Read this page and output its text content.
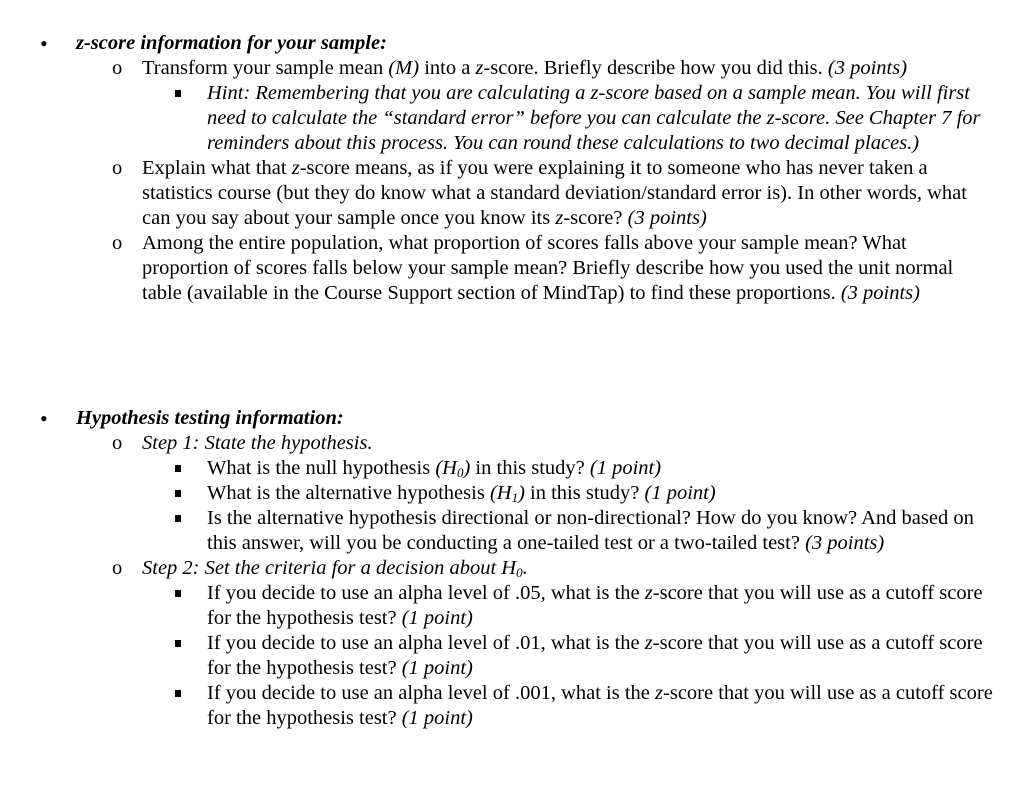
• z-score information for your sample:
o Transform your sample mean (M) into a z-score. Briefly describe how you did this. (3 points)
Hint: Remembering that you are calculating a z-score based on a sample mean. You will first need to calculate the “standard error” before you can calculate the z-score. See Chapter 7 for reminders about this process. You can round these calculations to two decimal places.)
o Explain what that z-score means, as if you were explaining it to someone who has never taken a statistics course (but they do know what a standard deviation/standard error is). In other words, what can you say about your sample once you know its z-score? (3 points)
o Among the entire population, what proportion of scores falls above your sample mean? What proportion of scores falls below your sample mean? Briefly describe how you used the unit normal table (available in the Course Support section of MindTap) to find these proportions. (3 points)
• Hypothesis testing information:
o Step 1: State the hypothesis.
What is the null hypothesis $(H_0)$ in this study? (1 point)
What is the alternative hypothesis $(H_1)$ in this study? (1 point)
Is the alternative hypothesis directional or non-directional? How do you know? And based on this answer, will you be conducting a one-tailed test or a two-tailed test? (3 points)
o Step 2: Set the criteria for a decision about $H_0$.
If you decide to use an alpha level of .05, what is the z-score that you will use as a cutoff score for the hypothesis test? (1 point)
If you decide to use an alpha level of .01, what is the z-score that you will use as a cutoff score for the hypothesis test? (1 point)
If you decide to use an alpha level of .001, what is the z-score that you will use as a cutoff score for the hypothesis test? (1 point)
